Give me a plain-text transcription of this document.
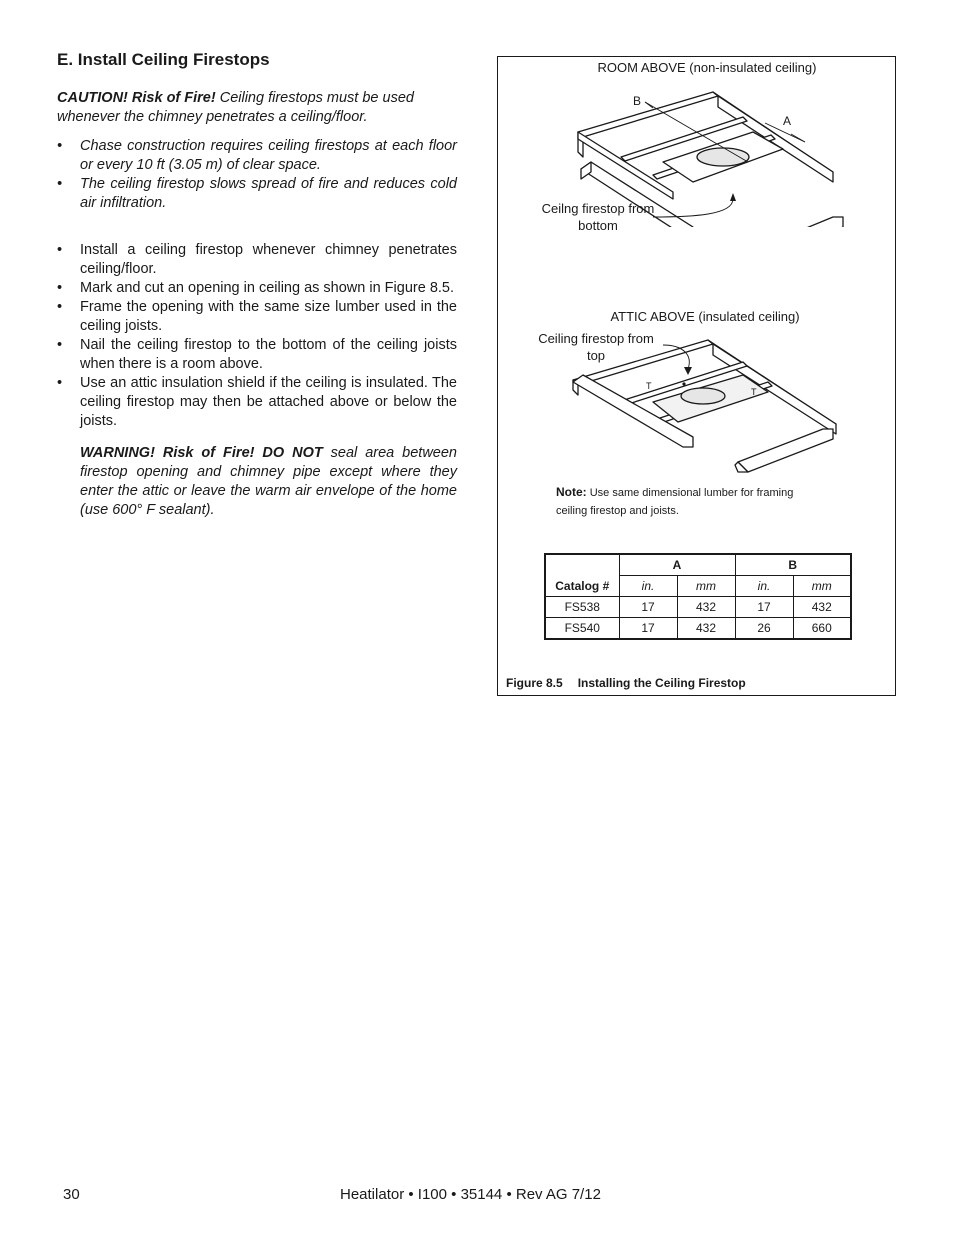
E. Install Ceiling Firestops

CAUTION! Risk of Fire! Ceiling firestops must be used whenever the chimney penetrates a ceiling/floor.

• Chase construction requires ceiling firestops at each floor or every 10 ft (3.05 m) of clear space.
• The ceiling firestop slows spread of fire and reduces cold air infiltration.
• Install a ceiling firestop whenever chimney penetrates ceiling/floor.
• Mark and cut an opening in ceiling as shown in Figure 8.5.
• Frame the opening with the same size lumber used in the ceiling joists.
• Nail the ceiling firestop to the bottom of the ceiling joists when there is a room above.
• Use an attic insulation shield if the ceiling is insulated. The ceiling firestop may then be attached above or below the joists.

WARNING! Risk of Fire! DO NOT seal area between firestop opening and chimney pipe except where they enter the attic or leave the warm air envelope of the home (use 600° F sealant).

ROOM ABOVE (non-insulated ceiling)
B
A
Ceilng firestop from
bottom
ATTIC ABOVE (insulated ceiling)
Ceiling firestop from
top
T
T
Note: Use same dimensional lumber for framing
ceiling firestop and joists.
Catalog #	A		B	
	in.	mm	in.	mm
FS538	17	432	17	432
FS540	17	432	26	660
Figure 8.5 Installing the Ceiling Firestop
30	Heatilator • I100 • 35144 • Rev AG 7/12
